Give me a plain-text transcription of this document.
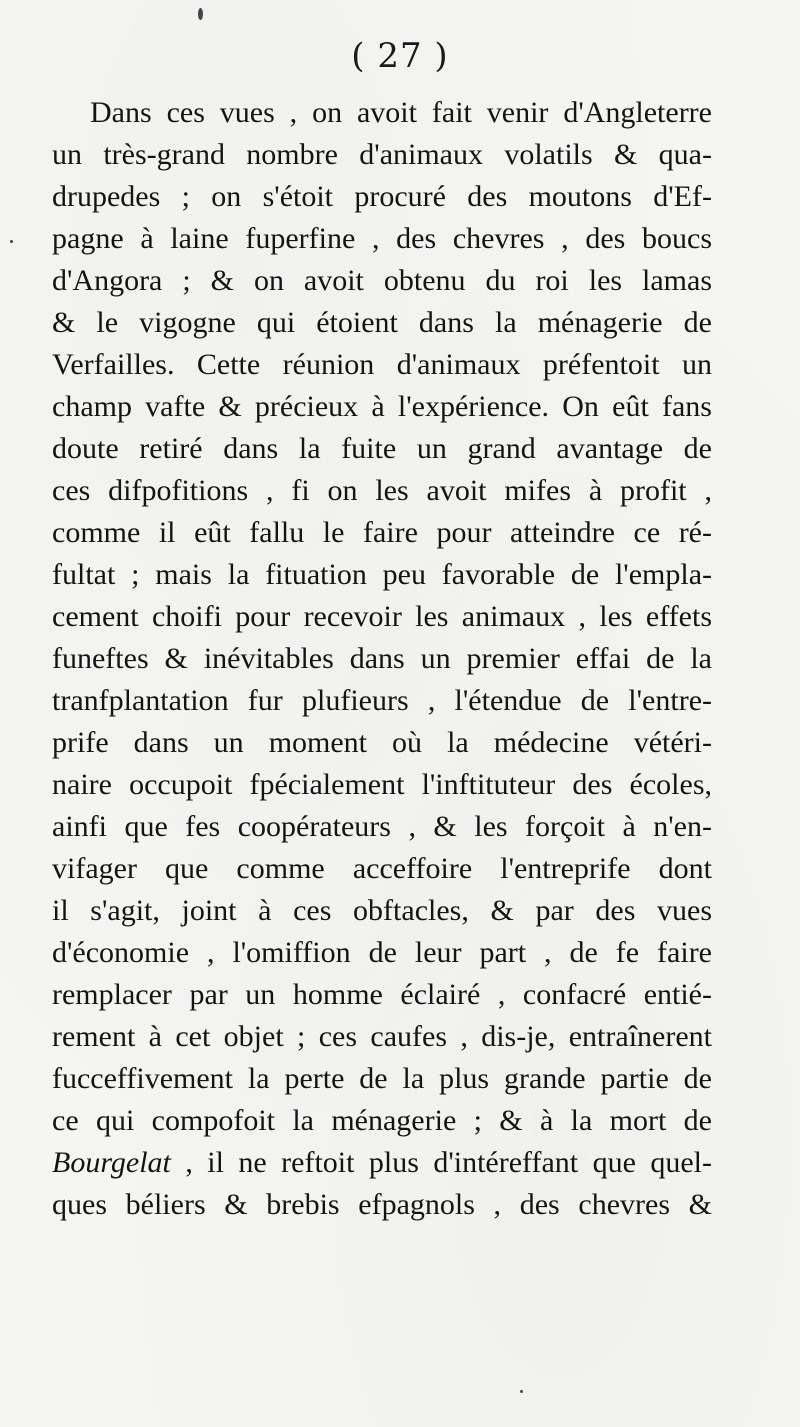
( 27 )
Dans ces vues , on avoit fait venir d'Angleterre
un très-grand nombre d'animaux volatils & qua-
drupedes ; on s'étoit procuré des moutons d'Ef-
pagne à laine fuperfine , des chevres , des boucs
d'Angora ; & on avoit obtenu du roi les lamas
& le vigogne qui étoient dans la ménagerie de
Verfailles. Cette réunion d'animaux préfentoit un
champ vafte & précieux à l'expérience. On eût fans
doute retiré dans la fuite un grand avantage de
ces difpofitions , fi on les avoit mifes à profit ,
comme il eût fallu le faire pour atteindre ce ré-
fultat ; mais la fituation peu favorable de l'empla-
cement choifi pour recevoir les animaux , les effets
funeftes & inévitables dans un premier effai de la
tranfplantation fur plufieurs , l'étendue de l'entre-
prife dans un moment où la médecine vétéri-
naire occupoit fpécialement l'inftituteur des écoles,
ainfi que fes coopérateurs , & les forçoit à n'en-
vifager que comme acceffoire l'entreprife dont
il s'agit, joint à ces obftacles, & par des vues
d'économie , l'omiffion de leur part , de fe faire
remplacer par un homme éclairé , confacré entié-
rement à cet objet ; ces caufes , dis-je, entraînerent
fucceffivement la perte de la plus grande partie de
ce qui compofoit la ménagerie ; & à la mort de
Bourgelat , il ne reftoit plus d'intéreffant que quel-
ques béliers & brebis efpagnols , des chevres &
